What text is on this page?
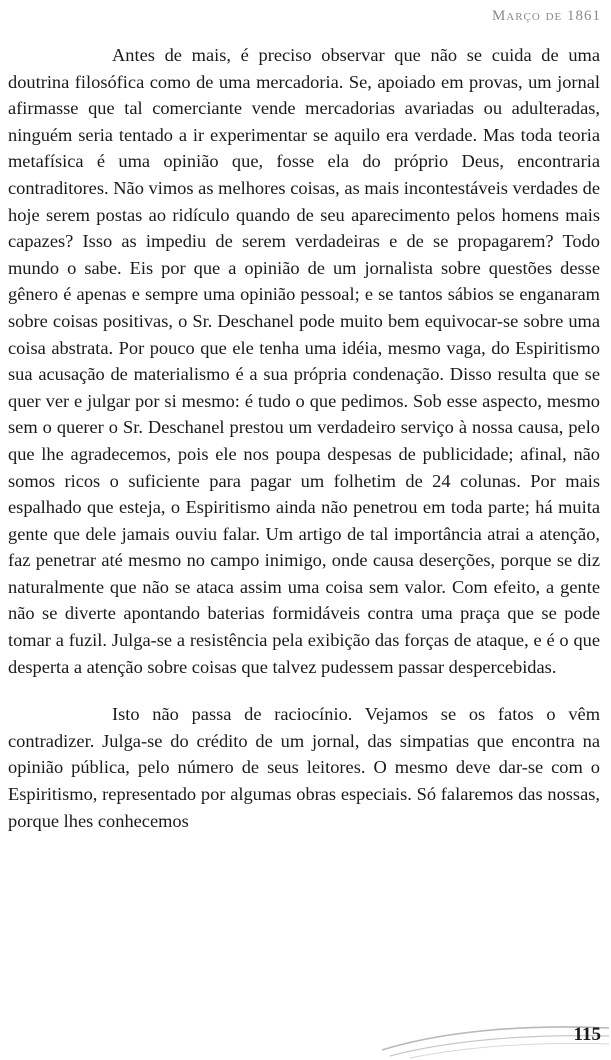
Março de 1861

Antes de mais, é preciso observar que não se cuida de uma doutrina filosófica como de uma mercadoria. Se, apoiado em provas, um jornal afirmasse que tal comerciante vende mercadorias avariadas ou adulteradas, ninguém seria tentado a ir experimentar se aquilo era verdade. Mas toda teoria metafísica é uma opinião que, fosse ela do próprio Deus, encontraria contraditores. Não vimos as melhores coisas, as mais incontestáveis verdades de hoje serem postas ao ridículo quando de seu aparecimento pelos homens mais capazes? Isso as impediu de serem verdadeiras e de se propagarem? Todo mundo o sabe. Eis por que a opinião de um jornalista sobre questões desse gênero é apenas e sempre uma opinião pessoal; e se tantos sábios se enganaram sobre coisas positivas, o Sr. Deschanel pode muito bem equivocar-se sobre uma coisa abstrata. Por pouco que ele tenha uma idéia, mesmo vaga, do Espiritismo sua acusação de materialismo é a sua própria condenação. Disso resulta que se quer ver e julgar por si mesmo: é tudo o que pedimos. Sob esse aspecto, mesmo sem o querer o Sr. Deschanel prestou um verdadeiro serviço à nossa causa, pelo que lhe agradecemos, pois ele nos poupa despesas de publicidade; afinal, não somos ricos o suficiente para pagar um folhetim de 24 colunas. Por mais espalhado que esteja, o Espiritismo ainda não penetrou em toda parte; há muita gente que dele jamais ouviu falar. Um artigo de tal importância atrai a atenção, faz penetrar até mesmo no campo inimigo, onde causa deserções, porque se diz naturalmente que não se ataca assim uma coisa sem valor. Com efeito, a gente não se diverte apontando baterias formidáveis contra uma praça que se pode tomar a fuzil. Julga-se a resistência pela exibição das forças de ataque, e é o que desperta a atenção sobre coisas que talvez pudessem passar despercebidas.

Isto não passa de raciocínio. Vejamos se os fatos o vêm contradizer. Julga-se do crédito de um jornal, das simpatias que encontra na opinião pública, pelo número de seus leitores. O mesmo deve dar-se com o Espiritismo, representado por algumas obras especiais. Só falaremos das nossas, porque lhes conhecemos

115
